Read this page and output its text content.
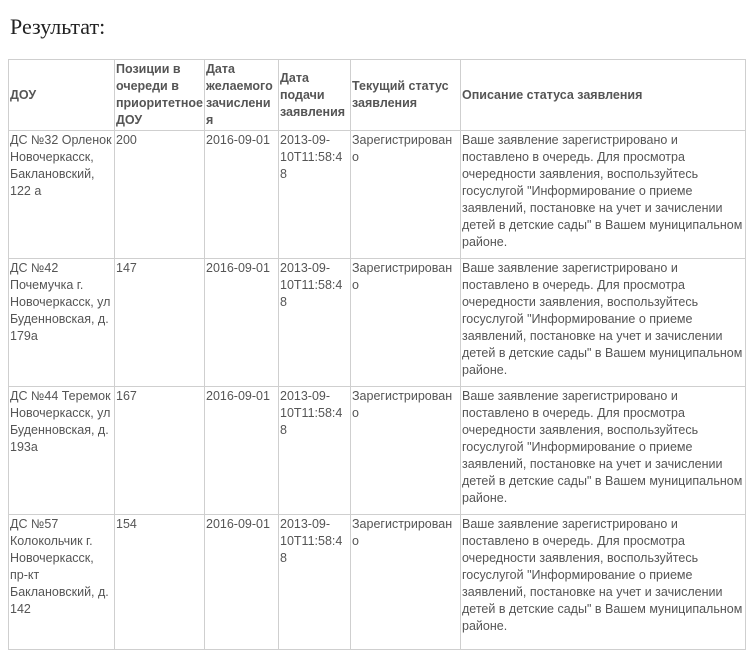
Результат:
ДОУ	Позиции в очереди в приоритетное ДОУ	Дата желаемого зачисления	Дата подачи заявления	Текущий статус заявления	Описание статуса заявления
ДС №32 Орленок Новочеркасск, Баклановский, 122 а	200	2016-09-01	2013-09-10T11:58:48	Зарегистрировано	Ваше заявление зарегистрировано и поставлено в очередь. Для просмотра очередности заявления, воспользуйтесь госуслугой "Информирование о приеме заявлений, постановке на учет и зачислении детей в детские сады" в Вашем муниципальном районе.
ДС №42 Почемучка г. Новочеркасск, ул Буденновская, д. 179а	147	2016-09-01	2013-09-10T11:58:48	Зарегистрировано	Ваше заявление зарегистрировано и поставлено в очередь. Для просмотра очередности заявления, воспользуйтесь госуслугой "Информирование о приеме заявлений, постановке на учет и зачислении детей в детские сады" в Вашем муниципальном районе.
ДС №44 Теремок Новочеркасск, ул Буденновская, д. 193а	167	2016-09-01	2013-09-10T11:58:48	Зарегистрировано	Ваше заявление зарегистрировано и поставлено в очередь. Для просмотра очередности заявления, воспользуйтесь госуслугой "Информирование о приеме заявлений, постановке на учет и зачислении детей в детские сады" в Вашем муниципальном районе.
ДС №57 Колокольчик г. Новочеркасск, пр-кт Баклановский, д. 142	154	2016-09-01	2013-09-10T11:58:48	Зарегистрировано	Ваше заявление зарегистрировано и поставлено в очередь. Для просмотра очередности заявления, воспользуйтесь госуслугой "Информирование о приеме заявлений, постановке на учет и зачислении детей в детские сады" в Вашем муниципальном районе.
